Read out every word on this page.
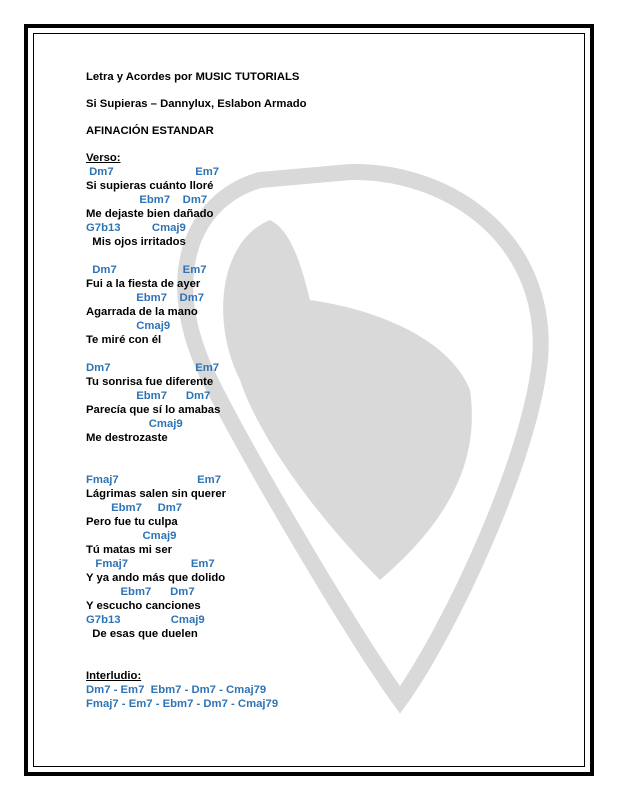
Letra y Acordes por MUSIC TUTORIALS
Si Supieras – Dannylux, Eslabon Armado
AFINACIÓN ESTANDAR
Verso:
Dm7                          Em7
Si supieras cuánto lloré
Ebm7    Dm7
Me dejaste bien dañado
G7b13          Cmaj9
Mis ojos irritados
Dm7                     Em7
Fui a la fiesta de ayer
Ebm7    Dm7
Agarrada de la mano
Cmaj9
Te miré con él
Dm7                           Em7
Tu sonrisa fue diferente
Ebm7      Dm7
Parecía que sí lo amabas
Cmaj9
Me destrozaste
Fmaj7                         Em7
Lágrimas salen sin querer
Ebm7     Dm7
Pero fue tu culpa
Cmaj9
Tú matas mi ser
Fmaj7                    Em7
Y ya ando más que dolido
Ebm7      Dm7
Y escucho canciones
G7b13                Cmaj9
De esas que duelen
Interludio:
Dm7 - Em7  Ebm7 - Dm7 - Cmaj79
Fmaj7 - Em7 - Ebm7 - Dm7 - Cmaj79
